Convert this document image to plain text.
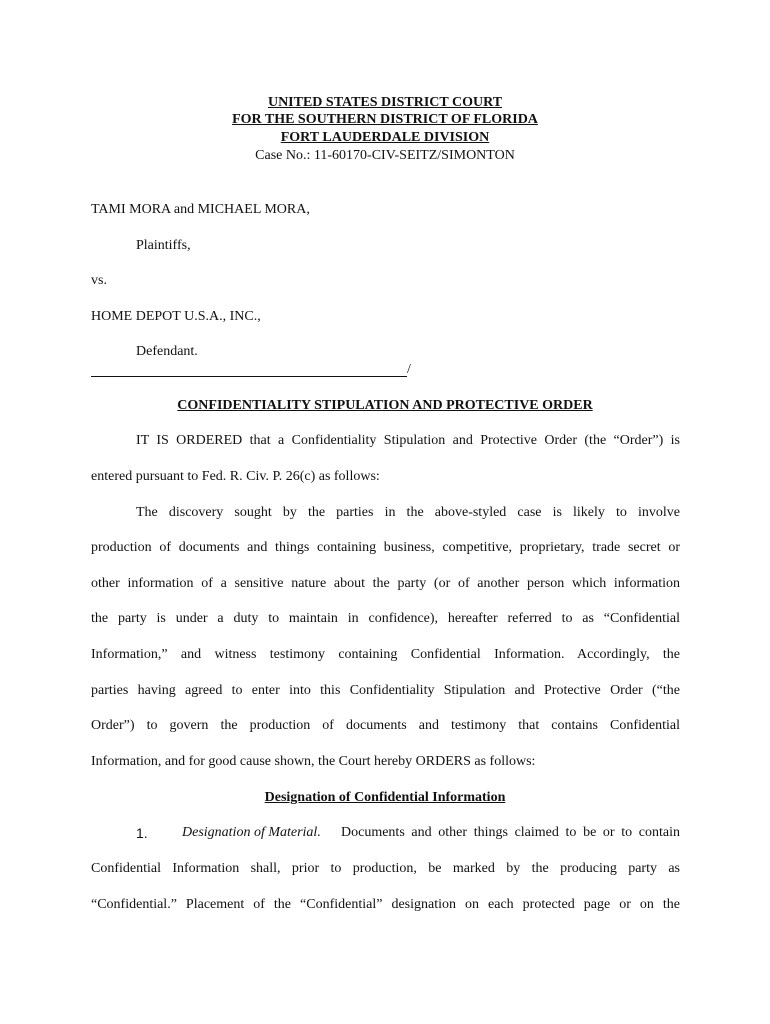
UNITED STATES DISTRICT COURT
FOR THE SOUTHERN DISTRICT OF FLORIDA
FORT LAUDERDALE DIVISION
Case No.: 11-60170-CIV-SEITZ/SIMONTON
TAMI MORA and MICHAEL MORA,
Plaintiffs,
vs.
HOME DEPOT U.S.A., INC.,
Defendant.
/
CONFIDENTIALITY STIPULATION AND PROTECTIVE ORDER
IT IS ORDERED that a Confidentiality Stipulation and Protective Order (the “Order”) is
entered pursuant to Fed. R. Civ. P. 26(c) as follows:
The discovery sought by the parties in the above-styled case is likely to involve
production of documents and things containing business, competitive, proprietary, trade secret or
other information of a sensitive nature about the party (or of another person which information
the party is under a duty to maintain in confidence), hereafter referred to as “Confidential
Information,” and witness testimony containing Confidential Information. Accordingly, the
parties having agreed to enter into this Confidentiality Stipulation and Protective Order (“the
Order”) to govern the production of documents and testimony that contains Confidential
Information, and for good cause shown, the Court hereby ORDERS as follows:
Designation of Confidential Information
1. Designation of Material. Documents and other things claimed to be or to contain
Confidential Information shall, prior to production, be marked by the producing party as
“Confidential.” Placement of the “Confidential” designation on each protected page or on the
